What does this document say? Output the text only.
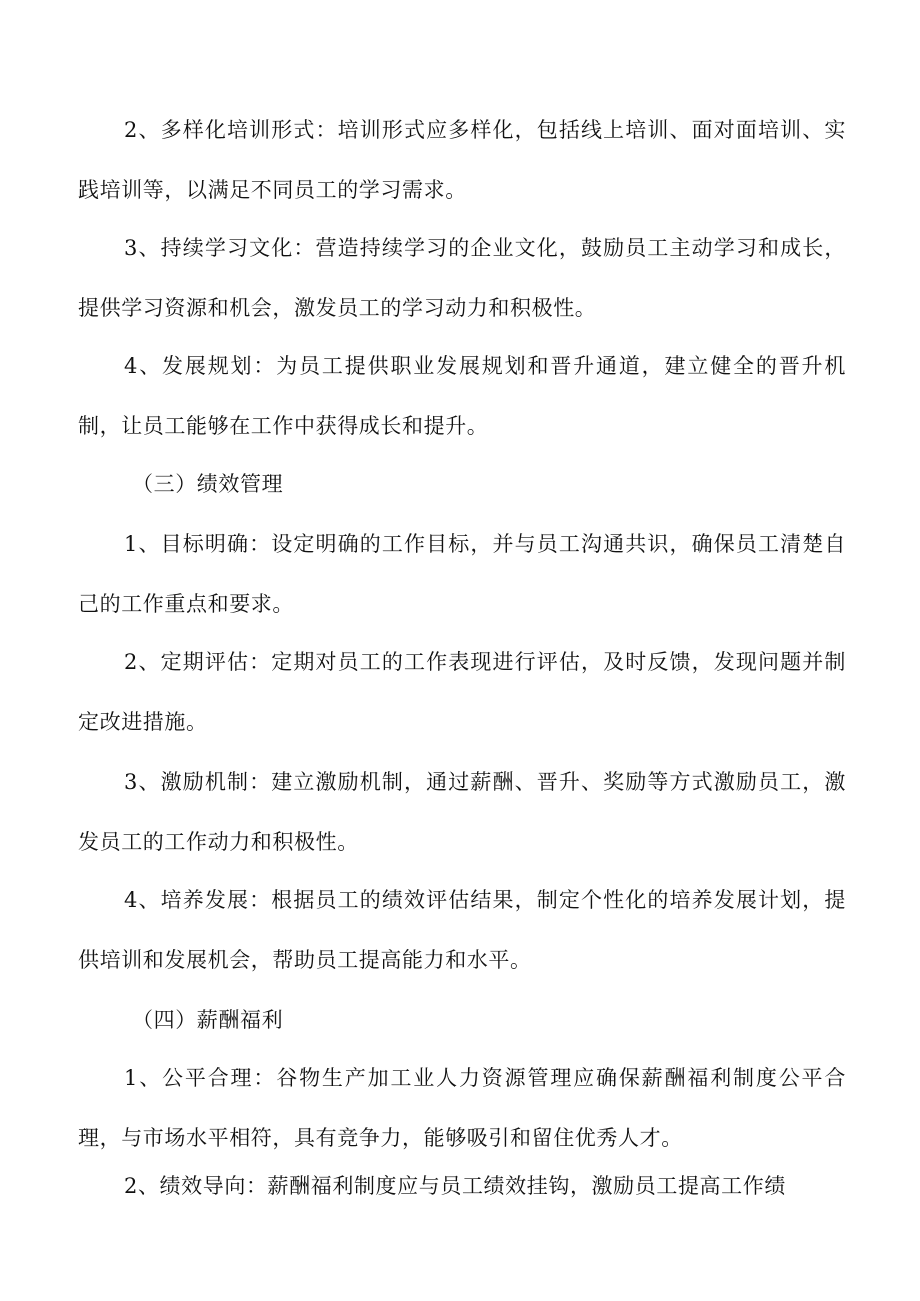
2、多样化培训形式：培训形式应多样化，包括线上培训、面对面培训、实践培训等，以满足不同员工的学习需求。

3、持续学习文化：营造持续学习的企业文化，鼓励员工主动学习和成长，提供学习资源和机会，激发员工的学习动力和积极性。

4、发展规划：为员工提供职业发展规划和晋升通道，建立健全的晋升机制，让员工能够在工作中获得成长和提升。

（三）绩效管理

1、目标明确：设定明确的工作目标，并与员工沟通共识，确保员工清楚自己的工作重点和要求。

2、定期评估：定期对员工的工作表现进行评估，及时反馈，发现问题并制定改进措施。

3、激励机制：建立激励机制，通过薪酬、晋升、奖励等方式激励员工，激发员工的工作动力和积极性。

4、培养发展：根据员工的绩效评估结果，制定个性化的培养发展计划，提供培训和发展机会，帮助员工提高能力和水平。

（四）薪酬福利

1、公平合理：谷物生产加工业人力资源管理应确保薪酬福利制度公平合理，与市场水平相符，具有竞争力，能够吸引和留住优秀人才。

2、绩效导向：薪酬福利制度应与员工绩效挂钩，激励员工提高工作绩
